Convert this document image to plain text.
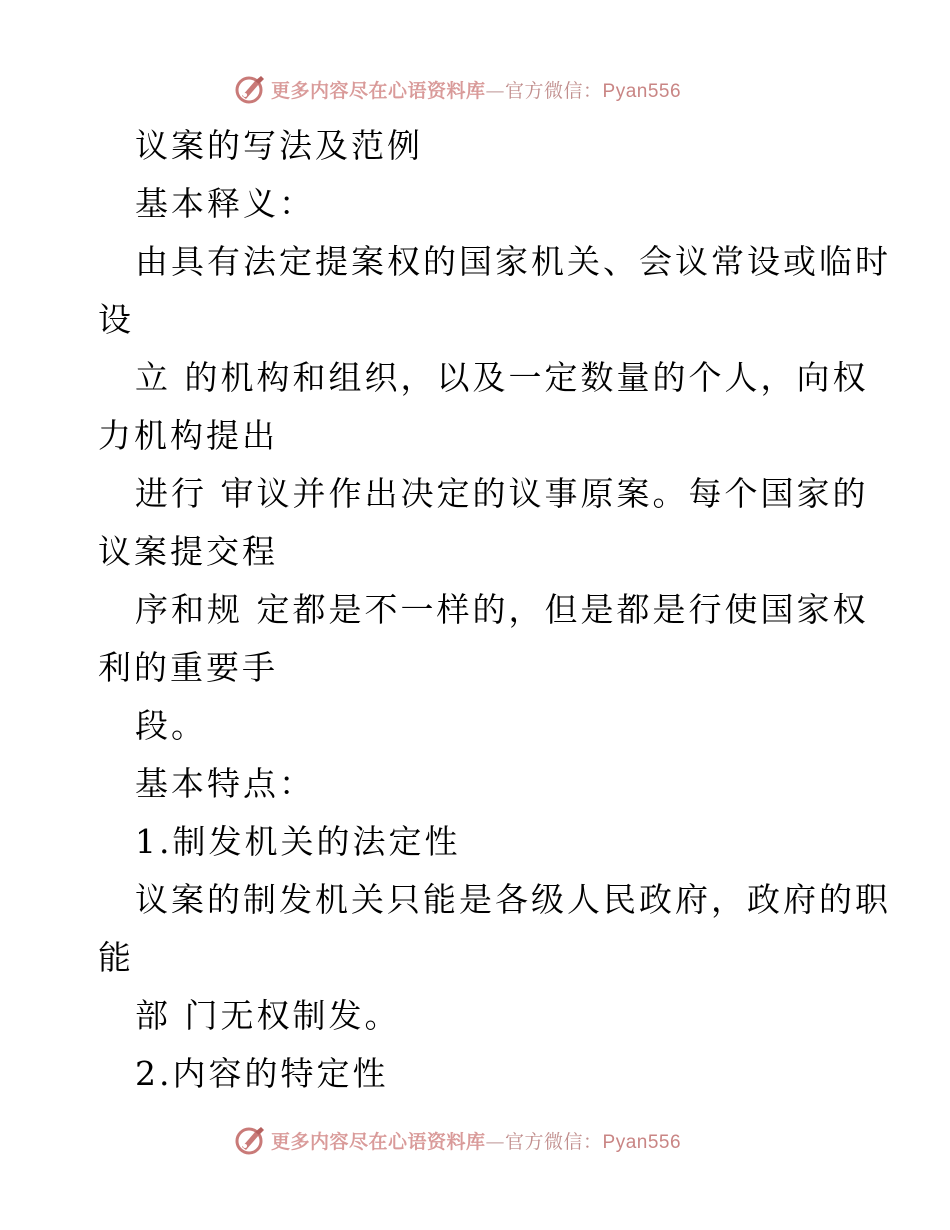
更多内容尽在心语资料库—官方微信：Pyan556
议案的写法及范例
基本释义：
由具有法定提案权的国家机关、会议常设或临时
设
立 的机构和组织，以及一定数量的个人，向权
力机构提出
进行 审议并作出决定的议事原案。每个国家的
议案提交程
序和规 定都是不一样的，但是都是行使国家权
利的重要手
段。
基本特点：
1.制发机关的法定性
议案的制发机关只能是各级人民政府，政府的职
能
部 门无权制发。
2.内容的特定性
更多内容尽在心语资料库—官方微信：Pyan556
